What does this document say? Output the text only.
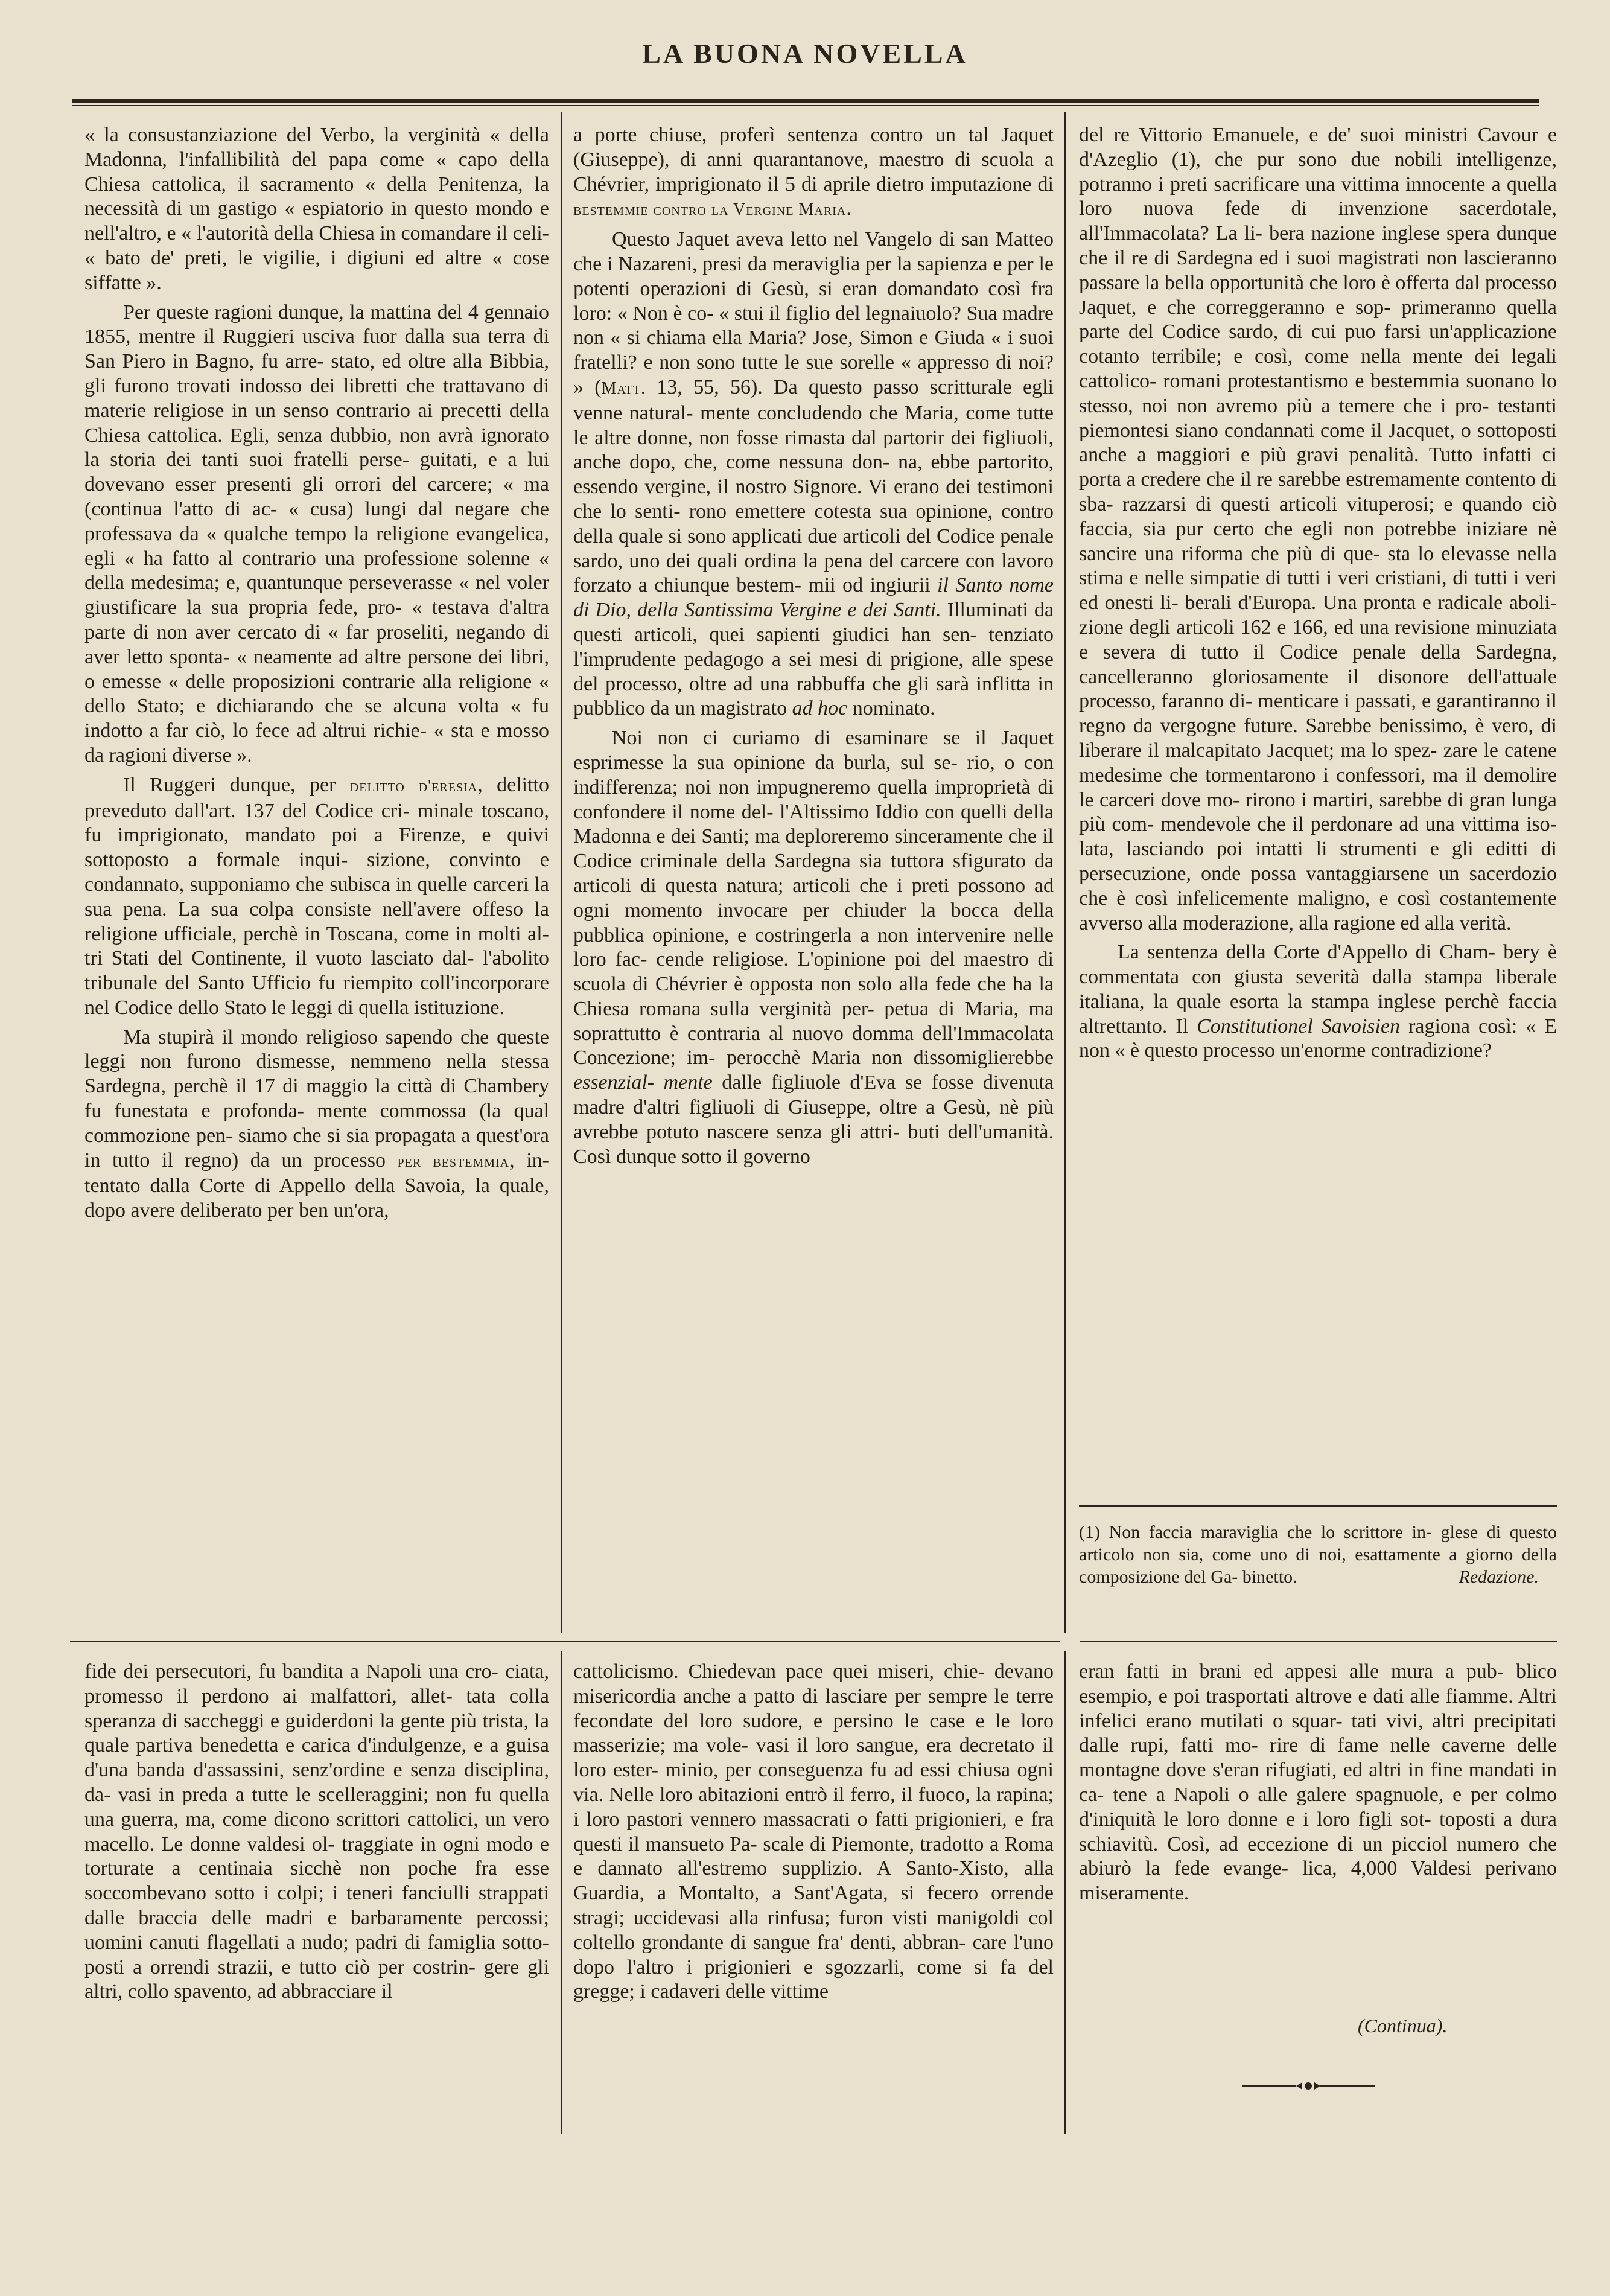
LA BUONA NOVELLA

« la consustanziazione del Verbo, la verginità « della Madonna, l'infallibilità del papa come « capo della Chiesa cattolica, il sacramento « della Penitenza, la necessità di un gastigo « espiatorio in questo mondo e nell'altro, e « l'autorità della Chiesa in comandare il celi- « bato de' preti, le vigilie, i digiuni ed altre « cose siffatte ».

Per queste ragioni dunque, la mattina del 4 gennaio 1855, mentre il Ruggieri usciva fuor dalla sua terra di San Piero in Bagno, fu arre- stato, ed oltre alla Bibbia, gli furono trovati indosso dei libretti che trattavano di materie religiose in un senso contrario ai precetti della Chiesa cattolica. Egli, senza dubbio, non avrà ignorato la storia dei tanti suoi fratelli perse- guitati, e a lui dovevano esser presenti gli orrori del carcere; « ma (continua l'atto di ac- « cusa) lungi dal negare che professava da « qualche tempo la religione evangelica, egli « ha fatto al contrario una professione solenne « della medesima; e, quantunque perseverasse « nel voler giustificare la sua propria fede, pro- « testava d'altra parte di non aver cercato di « far proseliti, negando di aver letto sponta- « neamente ad altre persone dei libri, o emesse « delle proposizioni contrarie alla religione « dello Stato; e dichiarando che se alcuna volta « fu indotto a far ciò, lo fece ad altrui richie- « sta e mosso da ragioni diverse ».

Il Ruggeri dunque, per delitto d'eresia, delitto preveduto dall'art. 137 del Codice cri- minale toscano, fu imprigionato, mandato poi a Firenze, e quivi sottoposto a formale inqui- sizione, convinto e condannato, supponiamo che subisca in quelle carceri la sua pena. La sua colpa consiste nell'avere offeso la religione ufficiale, perchè in Toscana, come in molti al- tri Stati del Continente, il vuoto lasciato dal- l'abolito tribunale del Santo Ufficio fu riempito coll'incorporare nel Codice dello Stato le leggi di quella istituzione.

Ma stupirà il mondo religioso sapendo che queste leggi non furono dismesse, nemmeno nella stessa Sardegna, perchè il 17 di maggio la città di Chambery fu funestata e profonda- mente commossa (la qual commozione pen- siamo che si sia propagata a quest'ora in tutto il regno) da un processo per bestemmia, in- tentato dalla Corte di Appello della Savoia, la quale, dopo avere deliberato per ben un'ora,

a porte chiuse, proferì sentenza contro un tal Jaquet (Giuseppe), di anni quarantanove, maestro di scuola a Chévrier, imprigionato il 5 di aprile dietro imputazione di bestemmie contro la Vergine Maria.

Questo Jaquet aveva letto nel Vangelo di san Matteo che i Nazareni, presi da meraviglia per la sapienza e per le potenti operazioni di Gesù, si eran domandato così fra loro: « Non è co- « stui il figlio del legnaiuolo? Sua madre non « si chiama ella Maria? Jose, Simon e Giuda « i suoi fratelli? e non sono tutte le sue sorelle « appresso di noi? » (Matt. 13, 55, 56). Da questo passo scritturale egli venne natural- mente concludendo che Maria, come tutte le altre donne, non fosse rimasta dal partorir dei figliuoli, anche dopo, che, come nessuna don- na, ebbe partorito, essendo vergine, il nostro Signore. Vi erano dei testimoni che lo senti- rono emettere cotesta sua opinione, contro della quale si sono applicati due articoli del Codice penale sardo, uno dei quali ordina la pena del carcere con lavoro forzato a chiunque bestem- mii od ingiurii il Santo nome di Dio, della Santissima Vergine e dei Santi. Illuminati da questi articoli, quei sapienti giudici han sen- tenziato l'imprudente pedagogo a sei mesi di prigione, alle spese del processo, oltre ad una rabbuffa che gli sarà inflitta in pubblico da un magistrato ad hoc nominato.

Noi non ci curiamo di esaminare se il Jaquet esprimesse la sua opinione da burla, sul se- rio, o con indifferenza; noi non impugneremo quella improprietà di confondere il nome del- l'Altissimo Iddio con quelli della Madonna e dei Santi; ma deploreremo sinceramente che il Codice criminale della Sardegna sia tuttora sfigurato da articoli di questa natura; articoli che i preti possono ad ogni momento invocare per chiuder la bocca della pubblica opinione, e costringerla a non intervenire nelle loro fac- cende religiose. L'opinione poi del maestro di scuola di Chévrier è opposta non solo alla fede che ha la Chiesa romana sulla verginità per- petua di Maria, ma soprattutto è contraria al nuovo domma dell'Immacolata Concezione; im- perocchè Maria non dissomiglierebbe essenzial- mente dalle figliuole d'Eva se fosse divenuta madre d'altri figliuoli di Giuseppe, oltre a Gesù, nè più avrebbe potuto nascere senza gli attri- buti dell'umanità. Così dunque sotto il governo

del re Vittorio Emanuele, e de' suoi ministri Cavour e d'Azeglio (1), che pur sono due nobili intelligenze, potranno i preti sacrificare una vittima innocente a quella loro nuova fede di invenzione sacerdotale, all'Immacolata? La li- bera nazione inglese spera dunque che il re di Sardegna ed i suoi magistrati non lascieranno passare la bella opportunità che loro è offerta dal processo Jaquet, e che correggeranno e sop- primeranno quella parte del Codice sardo, di cui puo farsi un'applicazione cotanto terribile; e così, come nella mente dei legali cattolico- romani protestantismo e bestemmia suonano lo stesso, noi non avremo più a temere che i pro- testanti piemontesi siano condannati come il Jacquet, o sottoposti anche a maggiori e più gravi penalità. Tutto infatti ci porta a credere che il re sarebbe estremamente contento di sba- razzarsi di questi articoli vituperosi; e quando ciò faccia, sia pur certo che egli non potrebbe iniziare nè sancire una riforma che più di que- sta lo elevasse nella stima e nelle simpatie di tutti i veri cristiani, di tutti i veri ed onesti li- berali d'Europa. Una pronta e radicale aboli- zione degli articoli 162 e 166, ed una revisione minuziata e severa di tutto il Codice penale della Sardegna, cancelleranno gloriosamente il disonore dell'attuale processo, faranno di- menticare i passati, e garantiranno il regno da vergogne future. Sarebbe benissimo, è vero, di liberare il malcapitato Jacquet; ma lo spez- zare le catene medesime che tormentarono i confessori, ma il demolire le carceri dove mo- rirono i martiri, sarebbe di gran lunga più com- mendevole che il perdonare ad una vittima iso- lata, lasciando poi intatti li strumenti e gli editti di persecuzione, onde possa vantaggiarsene un sacerdozio che è così infelicemente maligno, e così costantemente avverso alla moderazione, alla ragione ed alla verità.

La sentenza della Corte d'Appello di Cham- bery è commentata con giusta severità dalla stampa liberale italiana, la quale esorta la stampa inglese perchè faccia altrettanto. Il Constitutionel Savoisien ragiona così: « E non « è questo processo un'enorme contradizione?

(1) Non faccia maraviglia che lo scrittore in- glese di questo articolo non sia, come uno di noi, esattamente a giorno della composizione del Ga- binetto.	Redazione.

fide dei persecutori, fu bandita a Napoli una cro- ciata, promesso il perdono ai malfattori, allet- tata colla speranza di saccheggi e guiderdoni la gente più trista, la quale partiva benedetta e carica d'indulgenze, e a guisa d'una banda d'assassini, senz'ordine e senza disciplina, da- vasi in preda a tutte le scelleraggini; non fu quella una guerra, ma, come dicono scrittori cattolici, un vero macello. Le donne valdesi ol- traggiate in ogni modo e torturate a centinaia sicchè non poche fra esse soccombevano sotto i colpi; i teneri fanciulli strappati dalle braccia delle madri e barbaramente percossi; uomini canuti flagellati a nudo; padri di famiglia sotto- posti a orrendi strazii, e tutto ciò per costrin- gere gli altri, collo spavento, ad abbracciare il

cattolicismo. Chiedevan pace quei miseri, chie- devano misericordia anche a patto di lasciare per sempre le terre fecondate del loro sudore, e persino le case e le loro masserizie; ma vole- vasi il loro sangue, era decretato il loro ester- minio, per conseguenza fu ad essi chiusa ogni via. Nelle loro abitazioni entrò il ferro, il fuoco, la rapina; i loro pastori vennero massacrati o fatti prigionieri, e fra questi il mansueto Pa- scale di Piemonte, tradotto a Roma e dannato all'estremo supplizio. A Santo-Xisto, alla Guardia, a Montalto, a Sant'Agata, si fecero orrende stragi; uccidevasi alla rinfusa; furon visti manigoldi col coltello grondante di sangue fra' denti, abbran- care l'uno dopo l'altro i prigionieri e sgozzarli, come si fa del gregge; i cadaveri delle vittime

eran fatti in brani ed appesi alle mura a pub- blico esempio, e poi trasportati altrove e dati alle fiamme. Altri infelici erano mutilati o squar- tati vivi, altri precipitati dalle rupi, fatti mo- rire di fame nelle caverne delle montagne dove s'eran rifugiati, ed altri in fine mandati in ca- tene a Napoli o alle galere spagnuole, e per colmo d'iniquità le loro donne e i loro figli sot- toposti a dura schiavitù. Così, ad eccezione di un picciol numero che abiurò la fede evange- lica, 4,000 Valdesi perivano miseramente.

(Continua).
